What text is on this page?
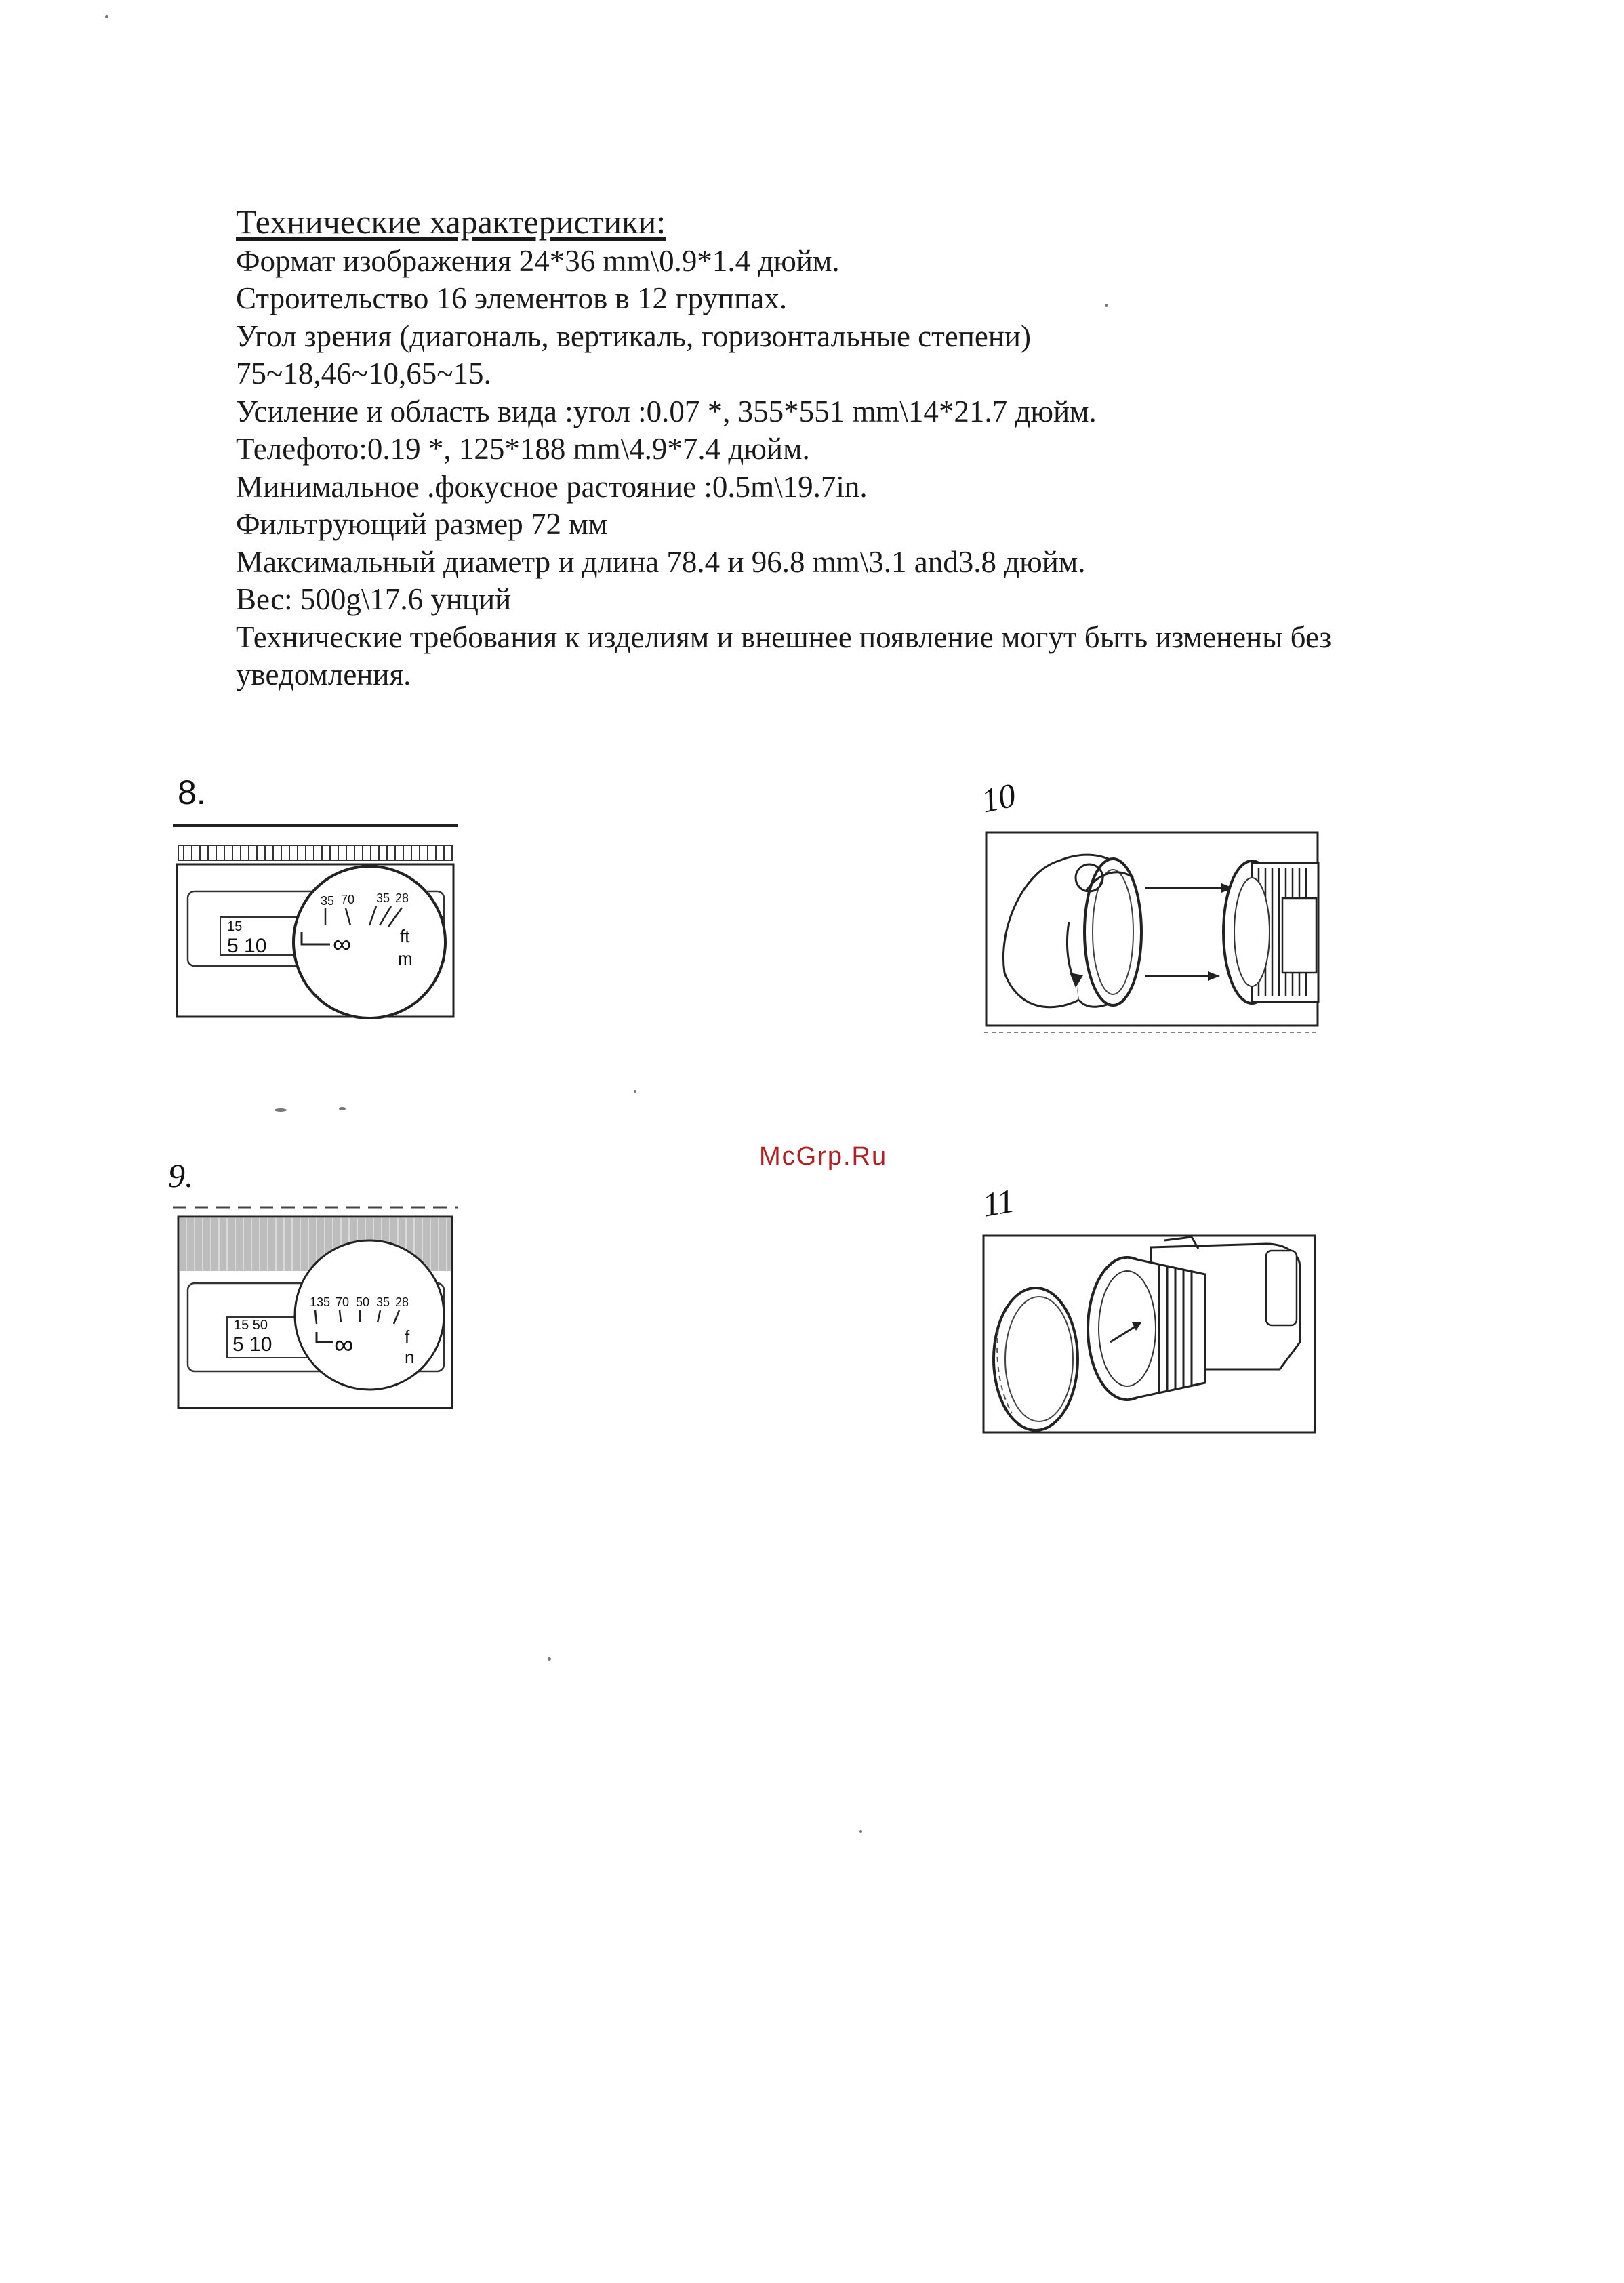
Технические характеристики:
Формат изображения 24*36 mm\0.9*1.4 дюйм.
Строительство 16 элементов в 12 группах.
Угол зрения (диагональ, вертикаль, горизонтальные степени)
75~18,46~10,65~15.
Усиление и область вида :угол :0.07 *, 355*551 mm\14*21.7 дюйм.
Телефото:0.19 *, 125*188 mm\4.9*7.4 дюйм.
Минимальное .фокусное растояние :0.5m\19.7in.
Фильтрующий размер 72 мм
Максимальный диаметр и длина 78.4 и 96.8 mm\3.1 and3.8 дюйм.
Вес: 500g\17.6 унций
Технические требования к изделиям и внешнее появление могут быть изменены без уведомления.
8.
15
5 10
35 70 35 28
∞	ft
m
9.
15 50
5 10
135 70 50 35 28
∞	f
n
10
11
McGrp.Ru
